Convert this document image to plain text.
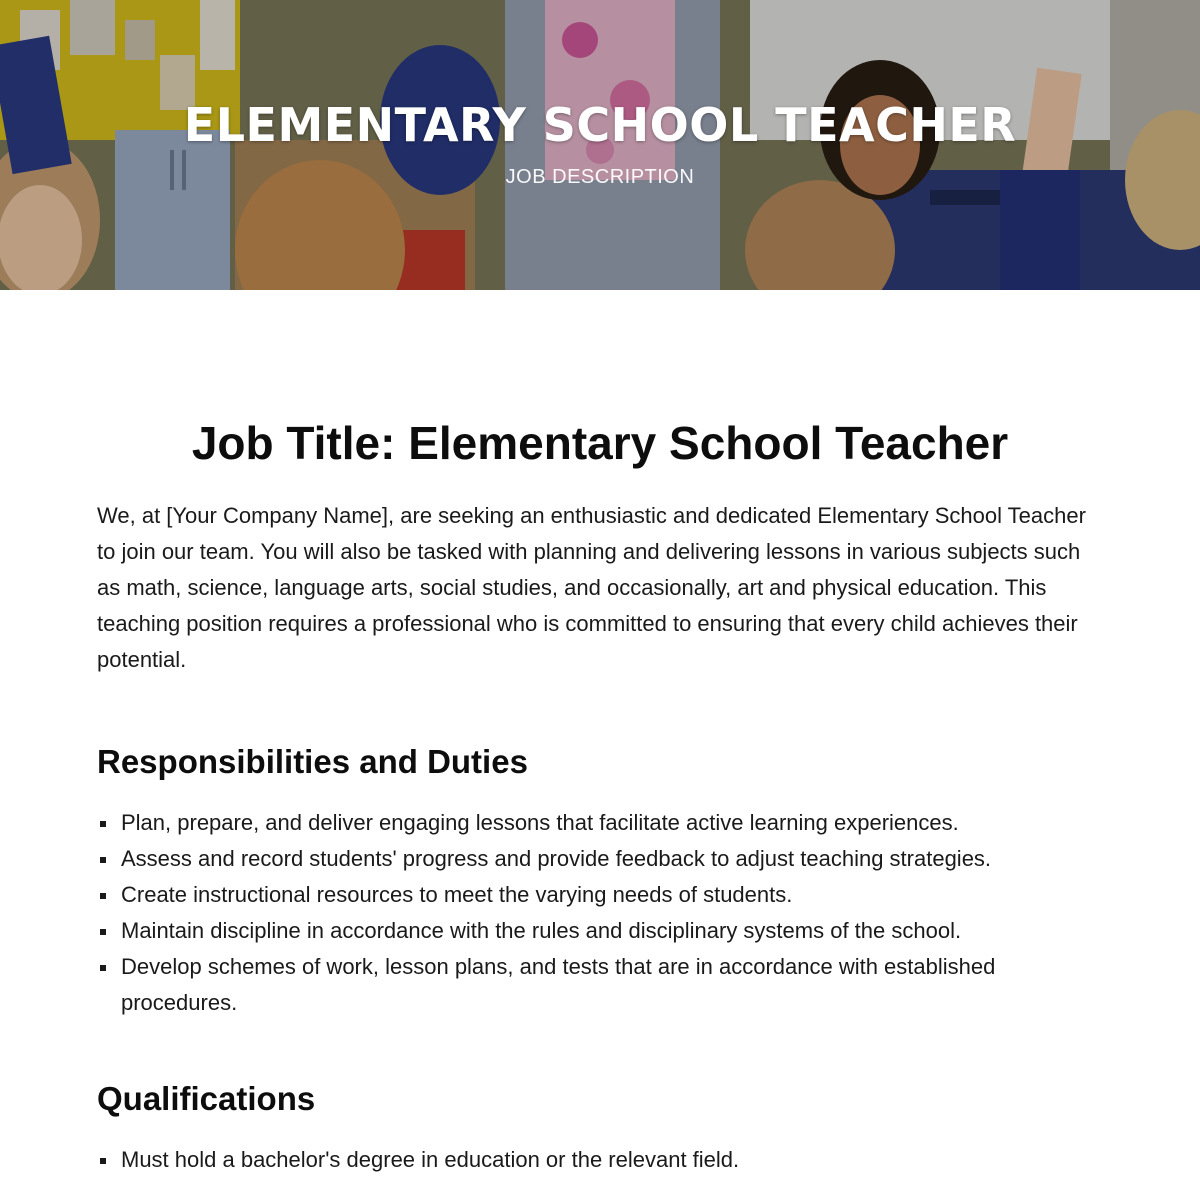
ELEMENTARY SCHOOL TEACHER
JOB DESCRIPTION
Job Title: Elementary School Teacher

We, at [Your Company Name], are seeking an enthusiastic and dedicated Elementary School Teacher to join our team. You will also be tasked with planning and delivering lessons in various subjects such as math, science, language arts, social studies, and occasionally, art and physical education. This teaching position requires a professional who is committed to ensuring that every child achieves their potential.

Responsibilities and Duties
Plan, prepare, and deliver engaging lessons that facilitate active learning experiences.
Assess and record students' progress and provide feedback to adjust teaching strategies.
Create instructional resources to meet the varying needs of students.
Maintain discipline in accordance with the rules and disciplinary systems of the school.
Develop schemes of work, lesson plans, and tests that are in accordance with established procedures.
Qualifications
Must hold a bachelor's degree in education or the relevant field.
